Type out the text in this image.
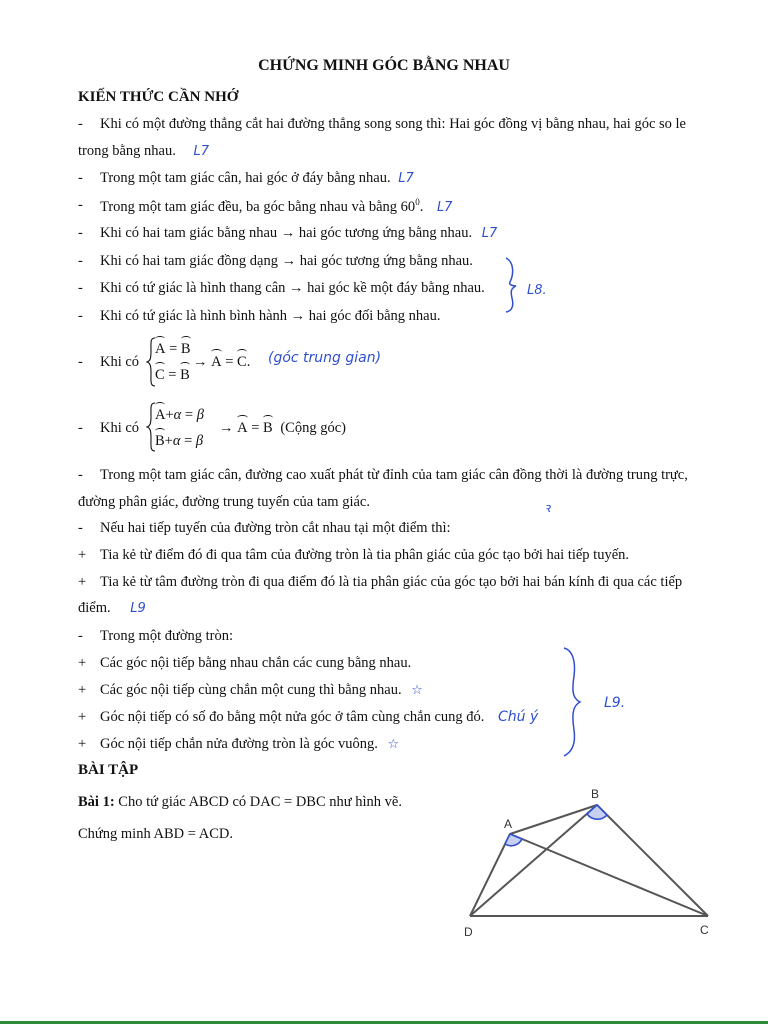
CHỨNG MINH GÓC BẰNG NHAU
KIẾN THỨC CẦN NHỚ
- Khi có một đường thẳng cắt hai đường thẳng song song thì: Hai góc đồng vị bằng nhau, hai góc so le
trong bằng nhau. L7
- Trong một tam giác cân, hai góc ở đáy bằng nhau. L7
- Trong một tam giác đều, ba góc bằng nhau và bằng $60^0$. L7
- Khi có hai tam giác bằng nhau → hai góc tương ứng bằng nhau. L7
- Khi có hai tam giác đồng dạng → hai góc tương ứng bằng nhau.
- Khi có tứ giác là hình thang cân → hai góc kề một đáy bằng nhau.	L8.
- Khi có tứ giác là hình bình hành → hai góc đối bằng nhau.
- Khi có
A = B
C = B
→ A = C. (góc trung gian)
- Khi có
A+α = β
B+α = β
→ A = B (Cộng góc)
- Trong một tam giác cân, đường cao xuất phát từ đỉnh của tam giác cân đồng thời là đường trung trực,
đường phân giác, đường trung tuyến của tam giác.	ꝛ
- Nếu hai tiếp tuyến của đường tròn cắt nhau tại một điểm thì:
+ Tia kẻ từ điểm đó đi qua tâm của đường tròn là tia phân giác của góc tạo bởi hai tiếp tuyến.
+ Tia kẻ từ tâm đường tròn đi qua điểm đó là tia phân giác của góc tạo bởi hai bán kính đi qua các tiếp
điểm. L9
- Trong một đường tròn:
+ Các góc nội tiếp bằng nhau chắn các cung bằng nhau.
+ Các góc nội tiếp cùng chắn một cung thì bằng nhau. ☆
+ Góc nội tiếp có số đo bằng một nửa góc ở tâm cùng chắn cung đó. Chú ý
+ Góc nội tiếp chắn nửa đường tròn là góc vuông. ☆
L9.
BÀI TẬP
Bài 1: Cho tứ giác ABCD có DAC = DBC như hình vẽ.
Chứng minh ABD = ACD.
A
B
C
D
